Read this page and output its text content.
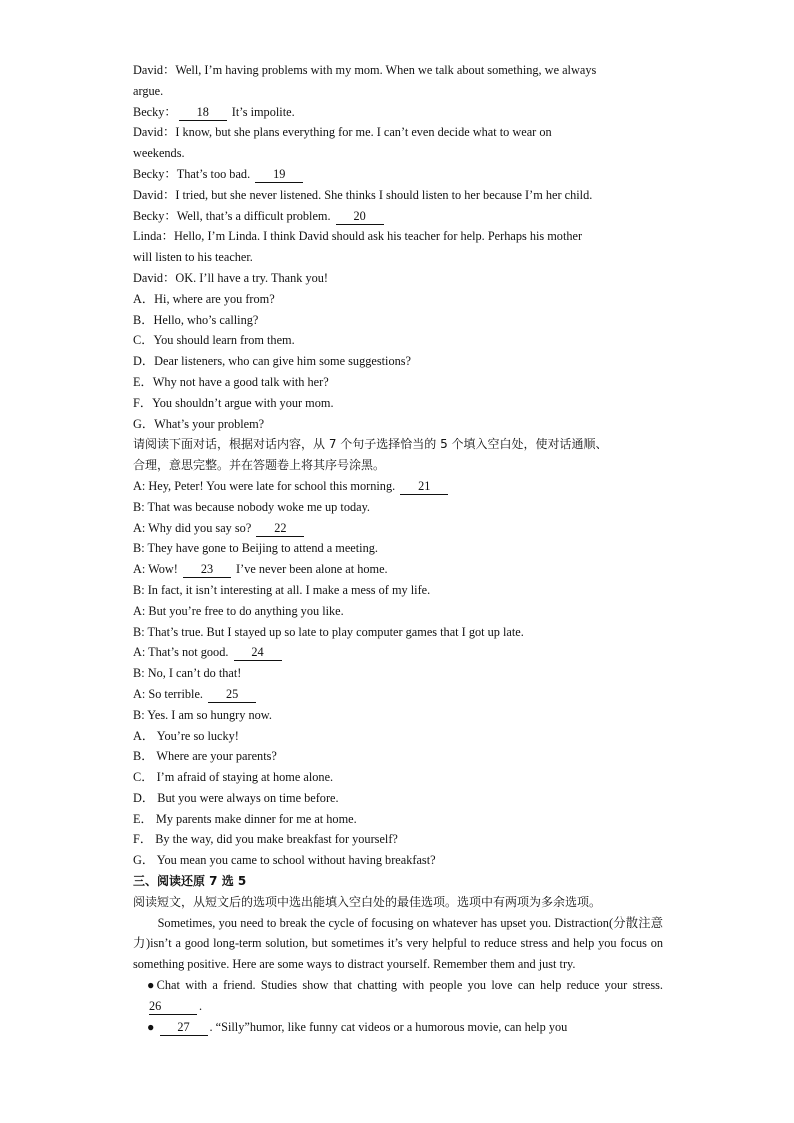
David：Well, I’m having problems with my mom. When we talk about something, we always
argue.
Becky： 18 It’s impolite.
David：I know, but she plans everything for me. I can’t even decide what to wear on
weekends.
Becky：That’s too bad. 19
David：I tried, but she never listened. She thinks I should listen to her because I’m her child.
Becky：Well, that’s a difficult problem. 20
Linda：Hello, I’m Linda. I think David should ask his teacher for help. Perhaps his mother
will listen to his teacher.
David：OK. I’ll have a try. Thank you!
A．Hi, where are you from?
B．Hello, who’s calling?
C．You should learn from them.
D．Dear listeners, who can give him some suggestions?
E．Why not have a good talk with her?
F．You shouldn’t argue with your mom.
G．What’s your problem?
请阅读下面对话，根据对话内容，从 7 个句子选择恰当的 5 个填入空白处，使对话通顺、
合理，意思完整。并在答题卷上将其序号涂黑。
A: Hey, Peter! You were late for school this morning. 21
B: That was because nobody woke me up today.
A: Why did you say so? 22
B: They have gone to Beijing to attend a meeting.
A: Wow! 23 I’ve never been alone at home.
B: In fact, it isn’t interesting at all. I make a mess of my life.
A: But you’re free to do anything you like.
B: That’s true. But I stayed up so late to play computer games that I got up late.
A: That’s not good. 24
B: No, I can’t do that!
A: So terrible. 25
B: Yes. I am so hungry now.
A． You’re so lucky!
B． Where are your parents?
C． I’m afraid of staying at home alone.
D． But you were always on time before.
E． My parents make dinner for me at home.
F． By the way, did you make breakfast for yourself?
G． You mean you came to school without having breakfast?
三、阅读还原 7 选 5
阅读短文，从短文后的选项中选出能填入空白处的最佳选项。选项中有两项为多余选项。
Sometimes, you need to break the cycle of focusing on whatever has upset you. Distraction(分散注意力)isn’t a good long-term solution, but sometimes it’s very helpful to reduce stress and help you focus on something positive. Here are some ways to distract yourself. Remember them and just try.
●Chat with a friend. Studies show that chatting with people you love can help reduce your stress. 26	.
● 27 . “Silly”humor, like funny cat videos or a humorous movie, can help you
